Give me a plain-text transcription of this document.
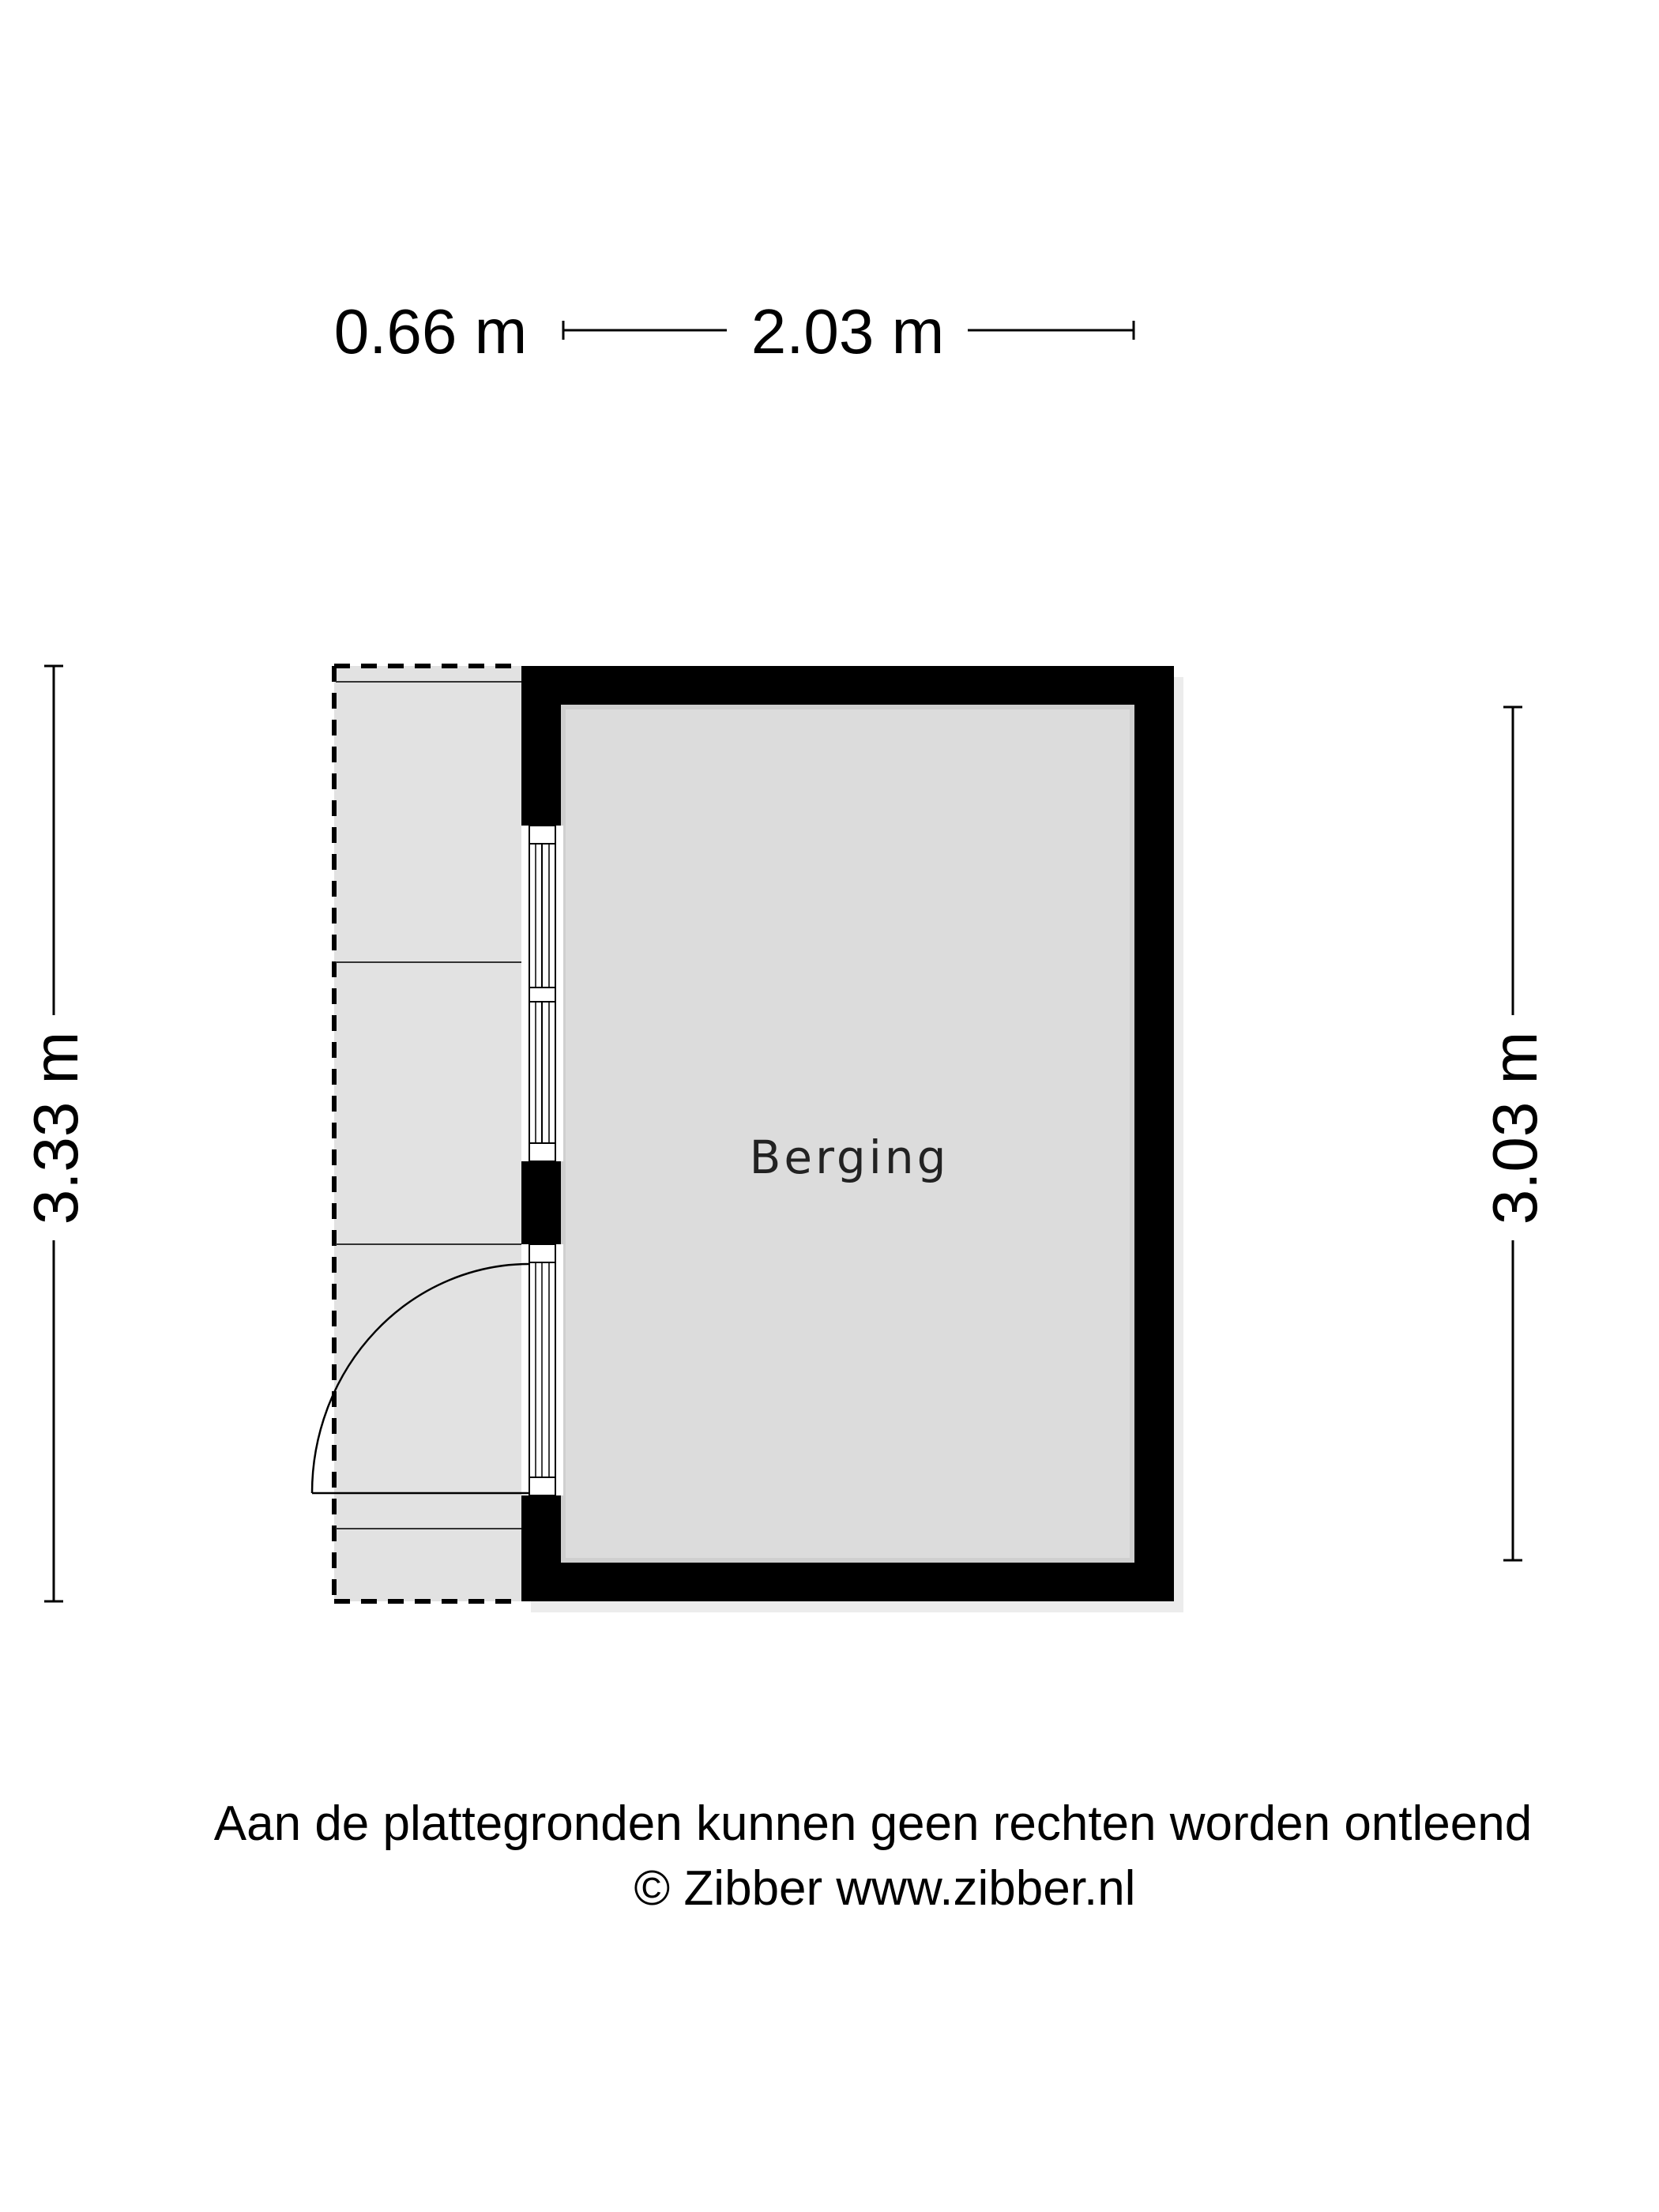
0.66 m	2.03 m
3.33 m	3.03 m
Berging
Aan de plattegronden kunnen geen rechten worden ontleend
© Zibber www.zibber.nl
